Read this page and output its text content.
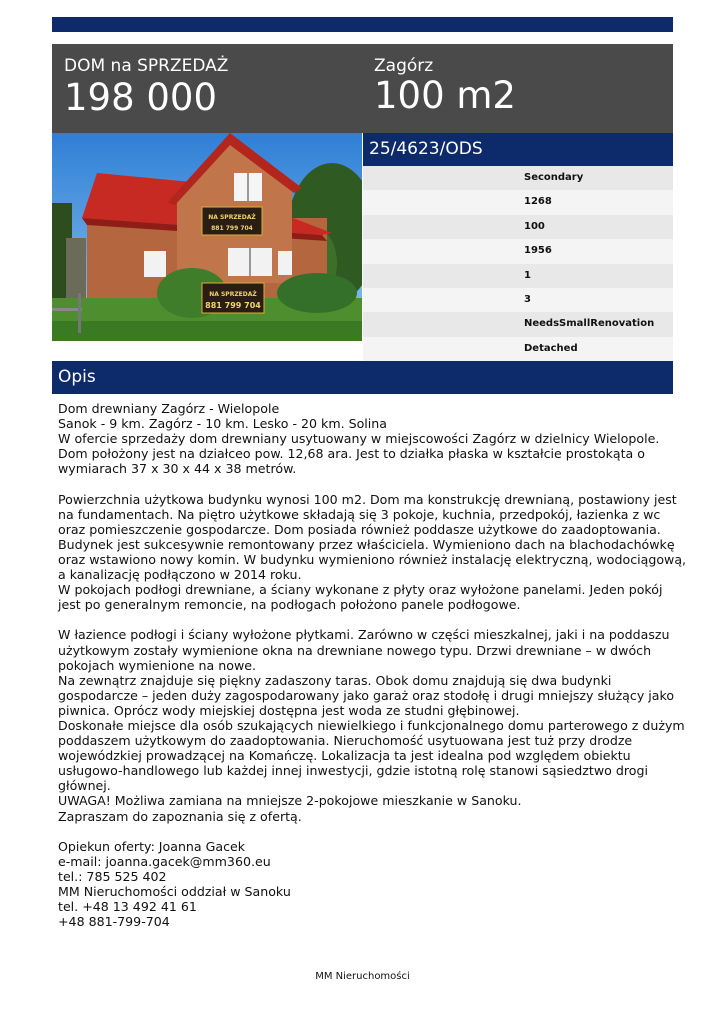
DOM na SPRZEDAŻ
198 000
Zagórz
100 m2
NA SPRZEDAŻ
881 799 704
NA SPRZEDAŻ
881 799 704
25/4623/ODS
Secondary
1268
100
1956
1
3
NeedsSmallRenovation
Detached
Opis
Dom drewniany Zagórz - Wielopole
Sanok - 9 km. Zagórz - 10 km. Lesko - 20 km. Solina
W ofercie sprzedaży dom drewniany usytuowany w miejscowości Zagórz w dzielnicy Wielopole.
Dom położony jest na działceo pow. 12,68 ara. Jest to działka płaska w kształcie prostokąta o
wymiarach 37 x 30 x 44 x 38 metrów.
Powierzchnia użytkowa budynku wynosi 100 m2. Dom ma konstrukcję drewnianą, postawiony jest
na fundamentach. Na piętro użytkowe składają się 3 pokoje, kuchnia, przedpokój, łazienka z wc
oraz pomieszczenie gospodarcze. Dom posiada również poddasze użytkowe do zaadoptowania.
Budynek jest sukcesywnie remontowany przez właściciela. Wymieniono dach na blachodachówkę
oraz wstawiono nowy komin. W budynku wymieniono również instalację elektryczną, wodociągową,
a kanalizację podłączono w 2014 roku.
W pokojach podłogi drewniane, a ściany wykonane z płyty oraz wyłożone panelami. Jeden pokój
jest po generalnym remoncie, na podłogach położono panele podłogowe.
W łazience podłogi i ściany wyłożone płytkami. Zarówno w części mieszkalnej, jaki i na poddaszu
użytkowym zostały wymienione okna na drewniane nowego typu. Drzwi drewniane – w dwóch
pokojach wymienione na nowe.
Na zewnątrz znajduje się piękny zadaszony taras. Obok domu znajdują się dwa budynki
gospodarcze – jeden duży zagospodarowany jako garaż oraz stodołę i drugi mniejszy służący jako
piwnica. Oprócz wody miejskiej dostępna jest woda ze studni głębinowej.
Doskonałe miejsce dla osób szukających niewielkiego i funkcjonalnego domu parterowego z dużym
poddaszem użytkowym do zaadoptowania. Nieruchomość usytuowana jest tuż przy drodze
wojewódzkiej prowadzącej na Komańczę. Lokalizacja ta jest idealna pod względem obiektu
usługowo-handlowego lub każdej innej inwestycji, gdzie istotną rolę stanowi sąsiedztwo drogi
głównej.
UWAGA! Możliwa zamiana na mniejsze 2-pokojowe mieszkanie w Sanoku.
Zapraszam do zapoznania się z ofertą.
Opiekun oferty: Joanna Gacek
e-mail: joanna.gacek@mm360.eu
tel.: 785 525 402
MM Nieruchomości oddział w Sanoku
tel. +48 13 492 41 61
+48 881-799-704
MM Nieruchomości
